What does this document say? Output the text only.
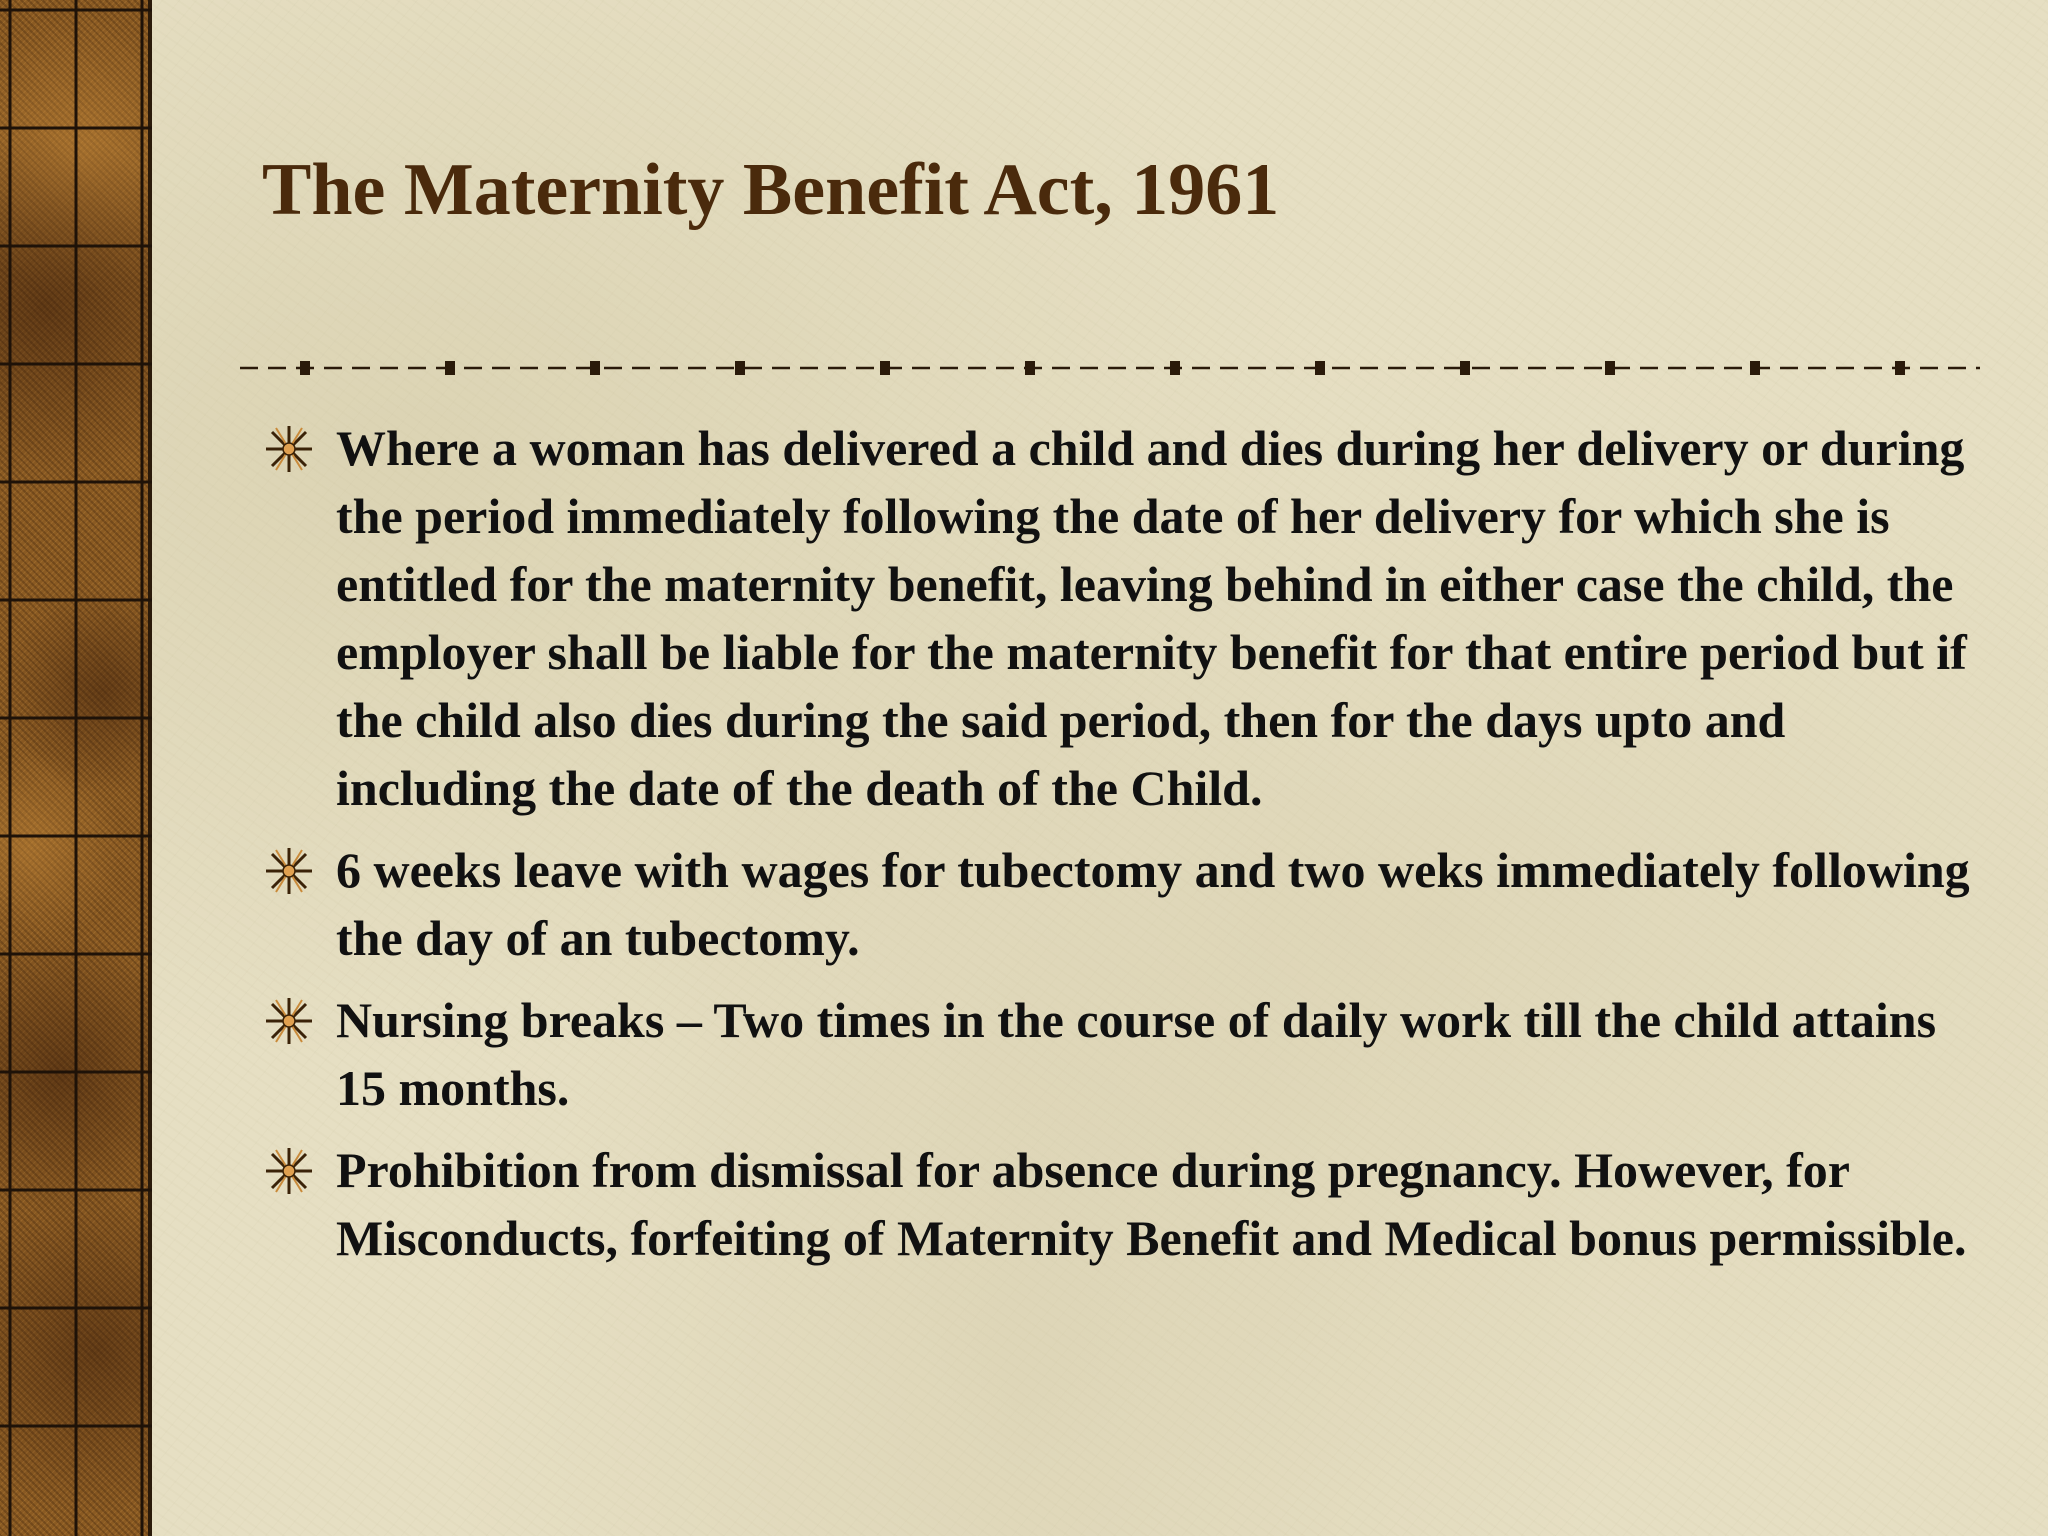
The Maternity Benefit Act, 1961
Where a woman has delivered a child and dies during her delivery or during the period immediately following the date of her delivery for which she is entitled for the maternity benefit, leaving behind in either case the child, the employer shall be liable for the maternity benefit for that entire period but if the child also dies during the said period, then for the days upto and including the date of the death of the Child.
6 weeks leave with wages for tubectomy and two weks immediately following the day of an tubectomy.
Nursing breaks – Two times in the course of daily work till the child attains 15 months.
Prohibition from dismissal for absence during pregnancy. However, for Misconducts, forfeiting of Maternity Benefit and Medical bonus permissible.
